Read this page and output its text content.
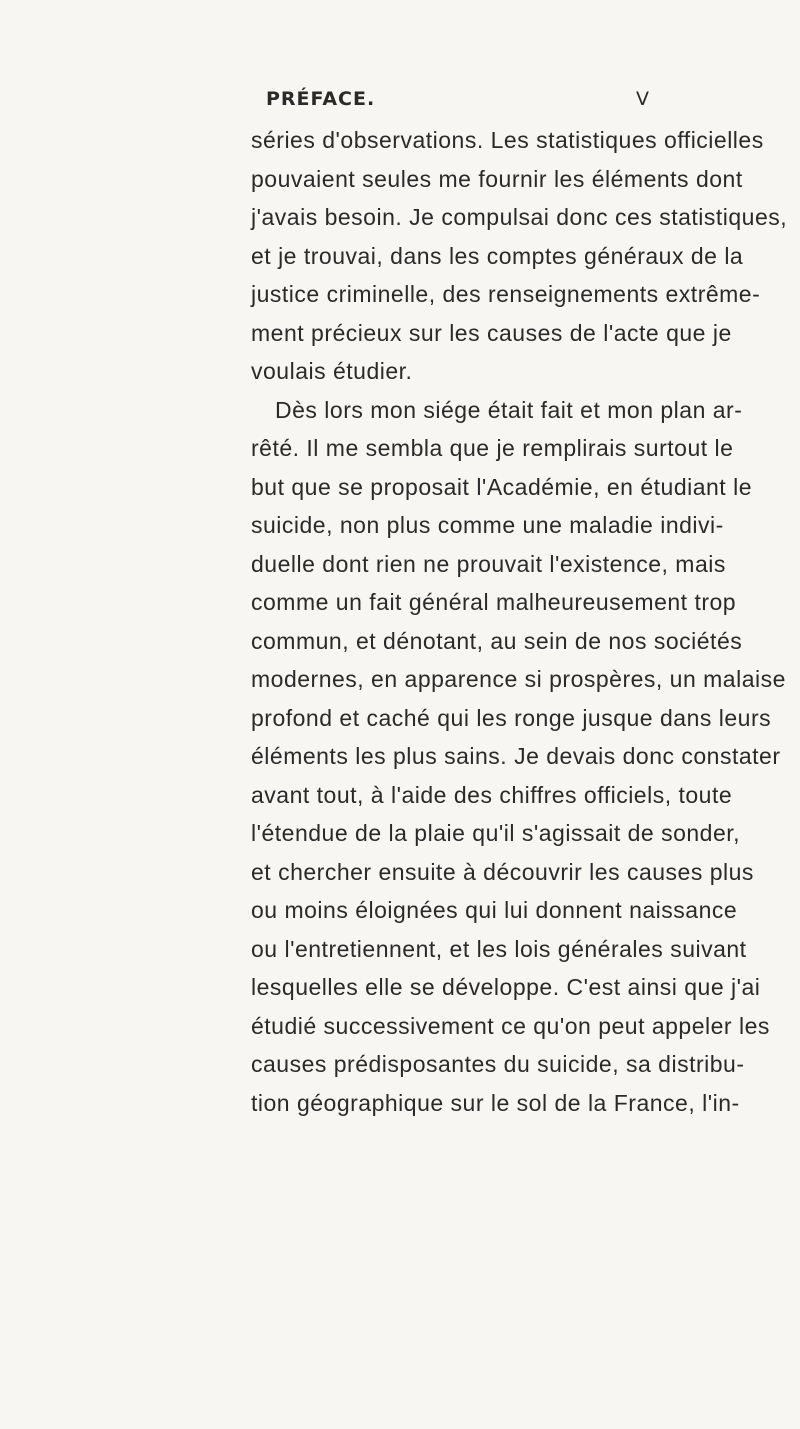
PRÉFACE.	V
séries d'observations. Les statistiques officielles
pouvaient seules me fournir les éléments dont
j'avais besoin. Je compulsai donc ces statistiques,
et je trouvai, dans les comptes généraux de la
justice criminelle, des renseignements extrême-
ment précieux sur les causes de l'acte que je
voulais étudier.
Dès lors mon siége était fait et mon plan ar-
rêté. Il me sembla que je remplirais surtout le
but que se proposait l'Académie, en étudiant le
suicide, non plus comme une maladie indivi-
duelle dont rien ne prouvait l'existence, mais
comme un fait général malheureusement trop
commun, et dénotant, au sein de nos sociétés
modernes, en apparence si prospères, un malaise
profond et caché qui les ronge jusque dans leurs
éléments les plus sains. Je devais donc constater
avant tout, à l'aide des chiffres officiels, toute
l'étendue de la plaie qu'il s'agissait de sonder,
et chercher ensuite à découvrir les causes plus
ou moins éloignées qui lui donnent naissance
ou l'entretiennent, et les lois générales suivant
lesquelles elle se développe. C'est ainsi que j'ai
étudié successivement ce qu'on peut appeler les
causes prédisposantes du suicide, sa distribu-
tion géographique sur le sol de la France, l'in-
